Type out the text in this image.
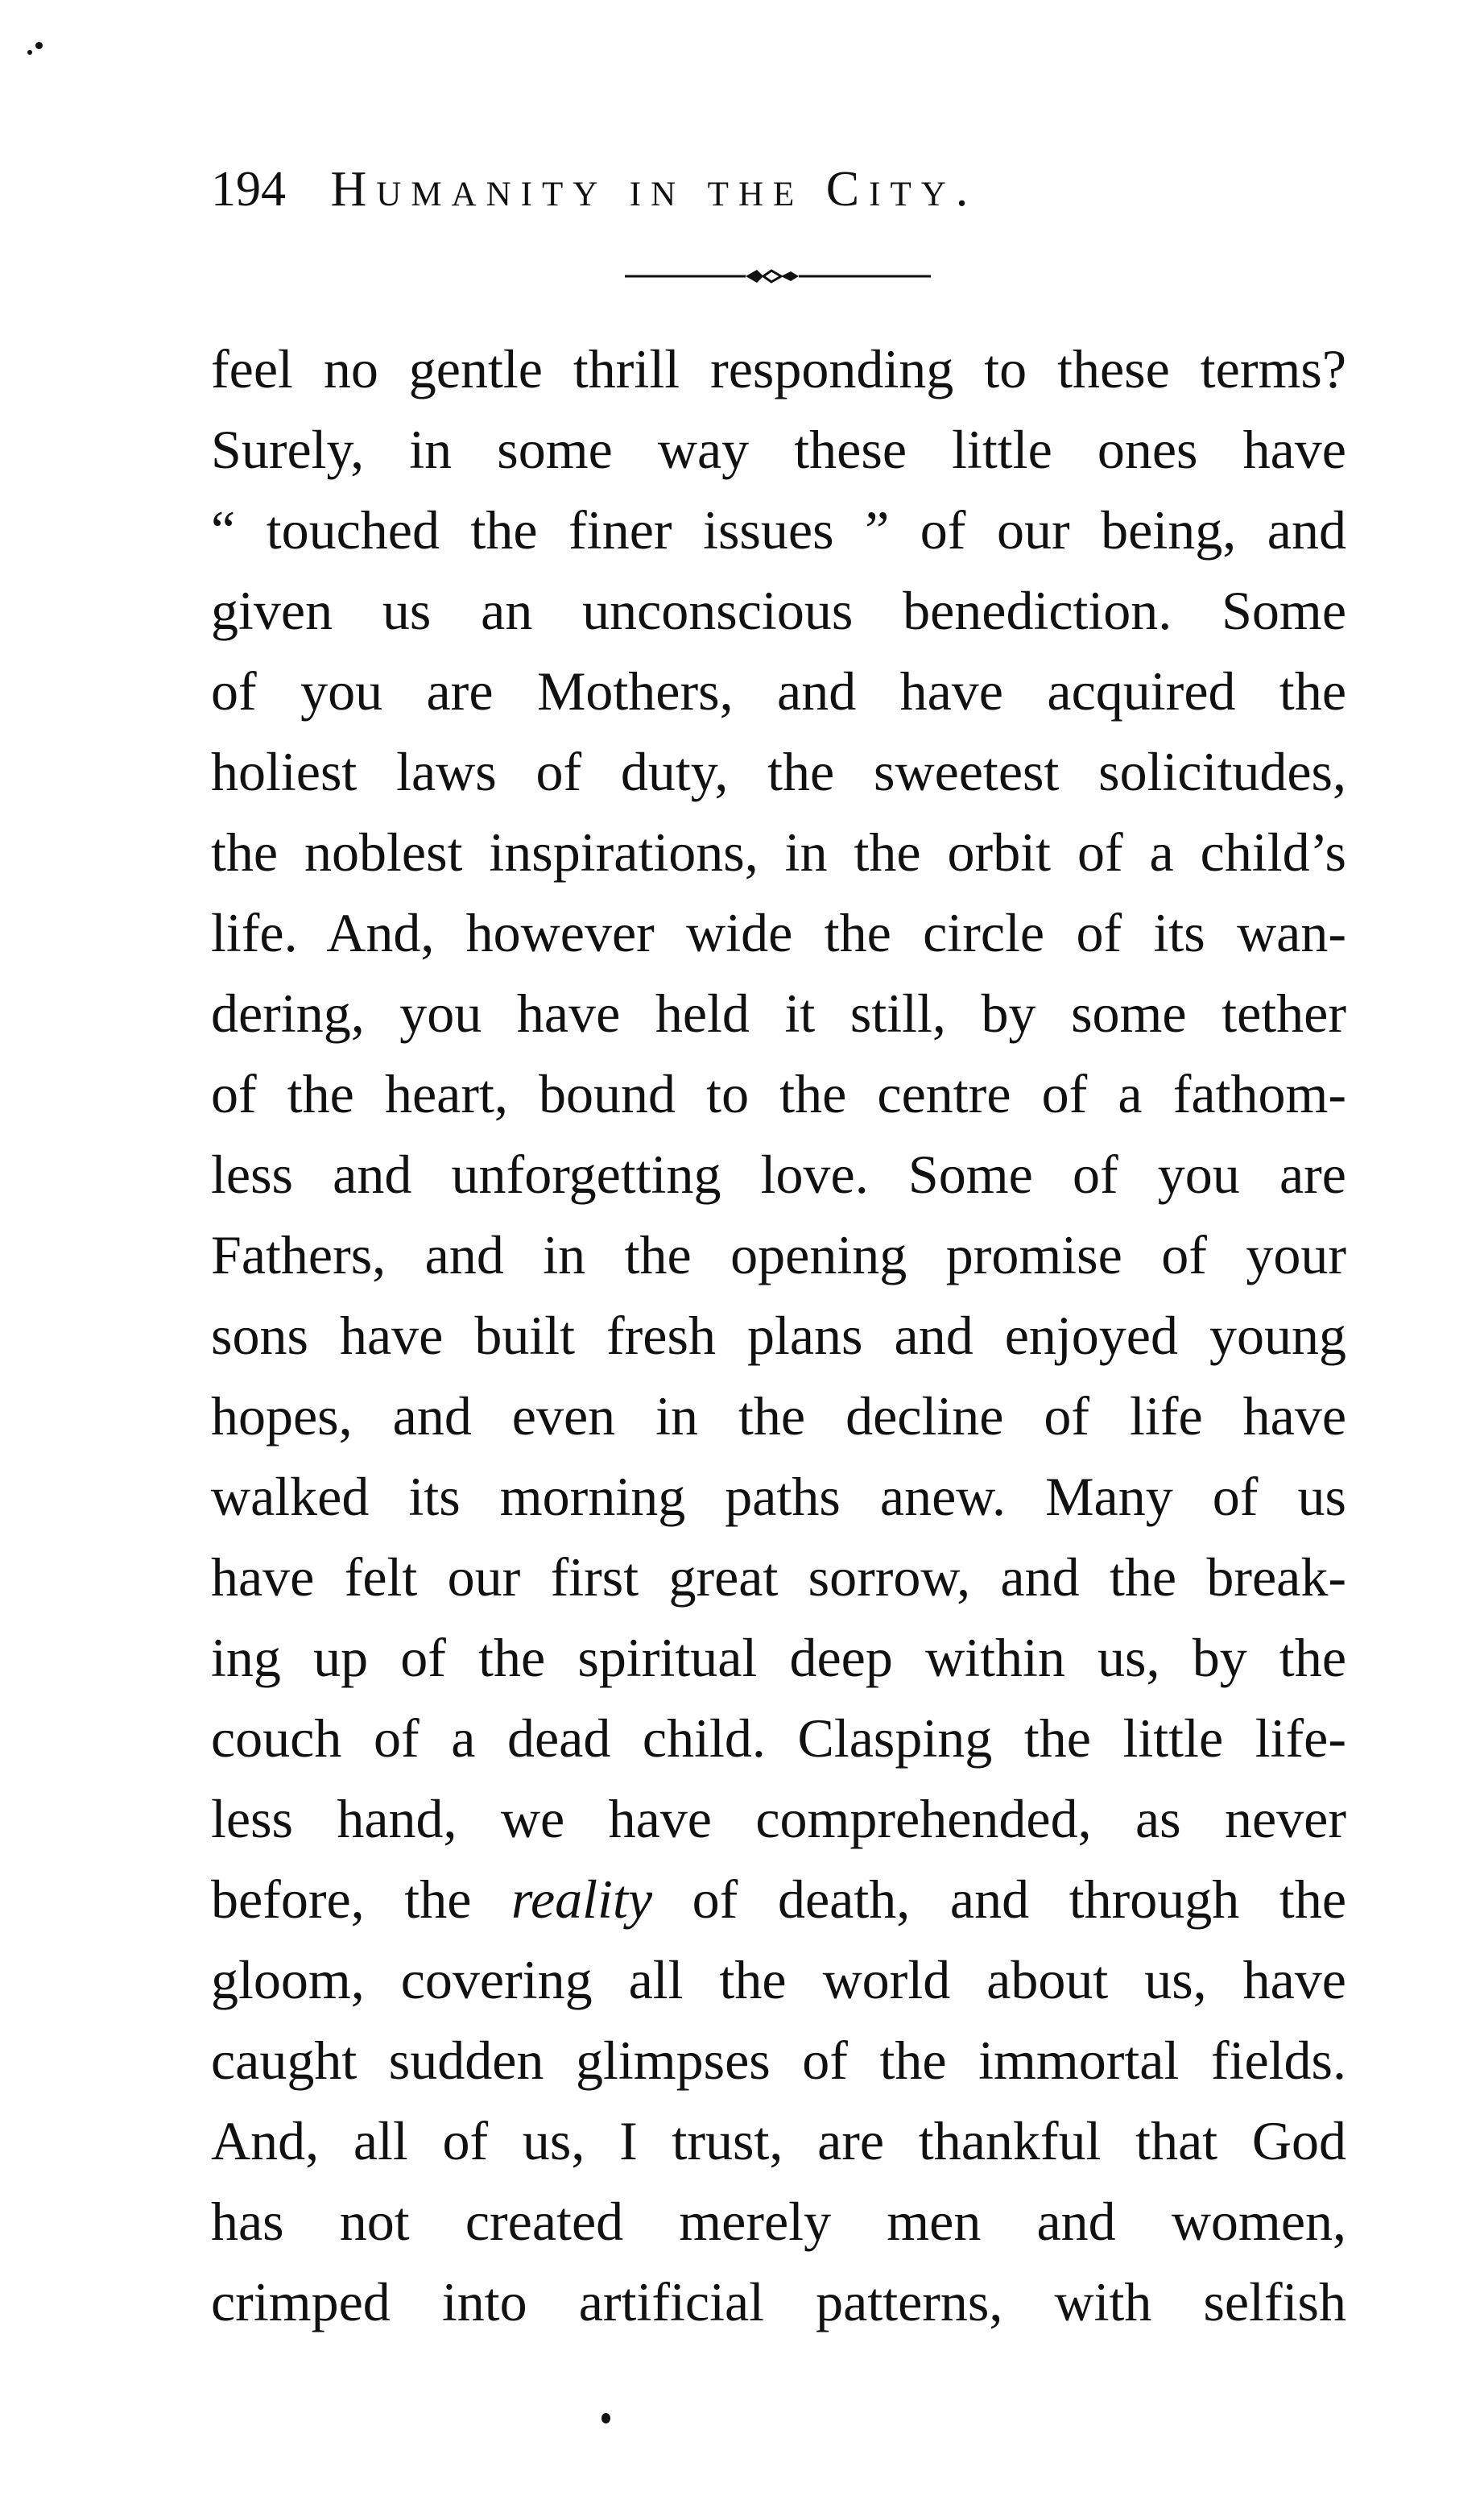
194 Humanity in the City.
feel no gentle thrill responding to these terms?
Surely, in some way these little ones have
“ touched the finer issues ” of our being, and
given us an unconscious benediction. Some
of you are Mothers, and have acquired the
holiest laws of duty, the sweetest solicitudes,
the noblest inspirations, in the orbit of a child’s
life. And, however wide the circle of its wan-
dering, you have held it still, by some tether
of the heart, bound to the centre of a fathom-
less and unforgetting love. Some of you are
Fathers, and in the opening promise of your
sons have built fresh plans and enjoyed young
hopes, and even in the decline of life have
walked its morning paths anew. Many of us
have felt our first great sorrow, and the break-
ing up of the spiritual deep within us, by the
couch of a dead child. Clasping the little life-
less hand, we have comprehended, as never
before, the reality of death, and through the
gloom, covering all the world about us, have
caught sudden glimpses of the immortal fields.
And, all of us, I trust, are thankful that God
has not created merely men and women,
crimped into artificial patterns, with selfish
